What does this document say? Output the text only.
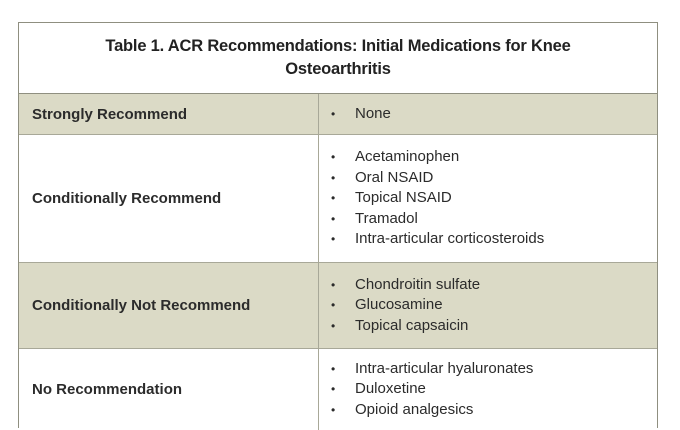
Table 1. ACR Recommendations: Initial Medications for Knee Osteoarthritis
Strongly Recommend	•	None
Conditionally Recommend
•	Acetaminophen
•	Oral NSAID
•	Topical NSAID
•	Tramadol
•	Intra-articular corticosteroids
Conditionally Not Recommend
•	Chondroitin sulfate
•	Glucosamine
•	Topical capsaicin
No Recommendation
•	Intra-articular hyaluronates
•	Duloxetine
•	Opioid analgesics
